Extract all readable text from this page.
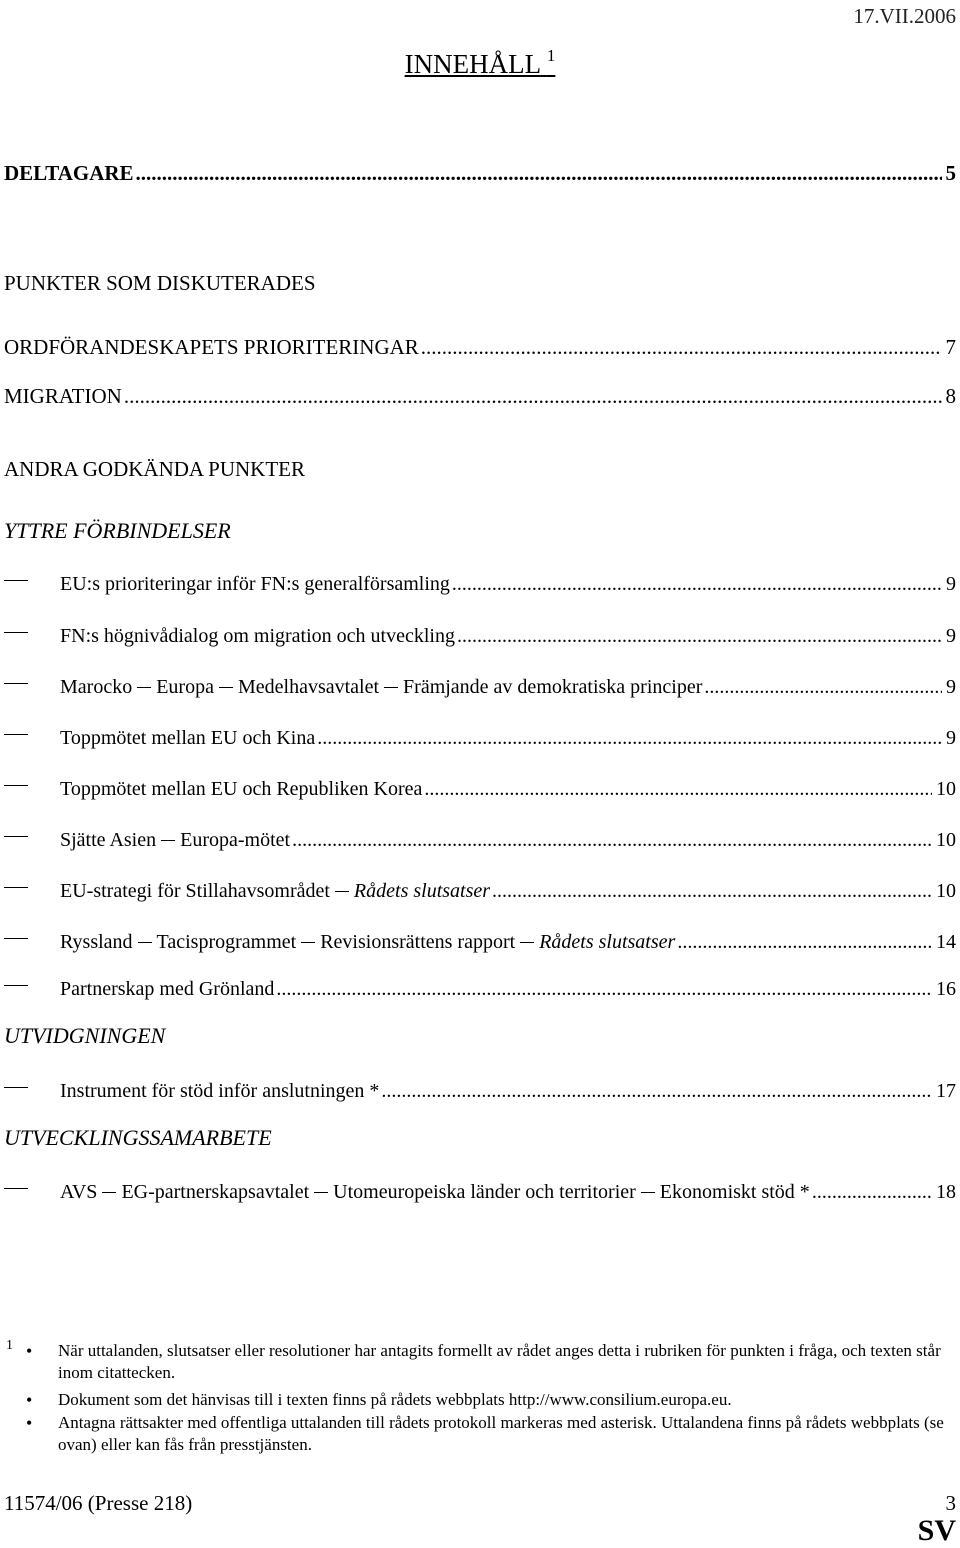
17.VII.2006
INNEHÅLL $^1$
DELTAGARE .....	5
PUNKTER SOM DISKUTERADES
ORDFÖRANDESKAPETS PRIORITERINGAR .....	7
MIGRATION .....	8
ANDRA GODKÄNDA PUNKTER
YTTRE FÖRBINDELSER
EU:s prioriteringar inför FN:s generalförsamling .....	9
FN:s högnivådialog om migration och utveckling .....	9
Marocko Europa Medelhavsavtalet Främjande av demokratiska principer .....	9
Toppmötet mellan EU och Kina .....	9
Toppmötet mellan EU och Republiken Korea .....	10
Sjätte Asien Europa-mötet .....	10
EU-strategi för Stillahavsområdet Rådets slutsatser .....	10
Ryssland Tacisprogrammet Revisionsrättens rapport Rådets slutsatser .....	14
Partnerskap med Grönland .....	16
UTVIDGNINGEN
Instrument för stöd inför anslutningen * .....	17
UTVECKLINGSSAMARBETE
AVS EG-partnerskapsavtalet Utomeuropeiska länder och territorier Ekonomiskt stöd * .....	18
1 •	När uttalanden, slutsatser eller resolutioner har antagits formellt av rådet anges detta i rubriken för punkten i fråga, och texten står inom citattecken.
•	Dokument som det hänvisas till i texten finns på rådets webbplats http://www.consilium.europa.eu.
•	Antagna rättsakter med offentliga uttalanden till rådets protokoll markeras med asterisk. Uttalandena finns på rådets webbplats (se ovan) eller kan fås från presstjänsten.
11574/06 (Presse 218)	3
SV
